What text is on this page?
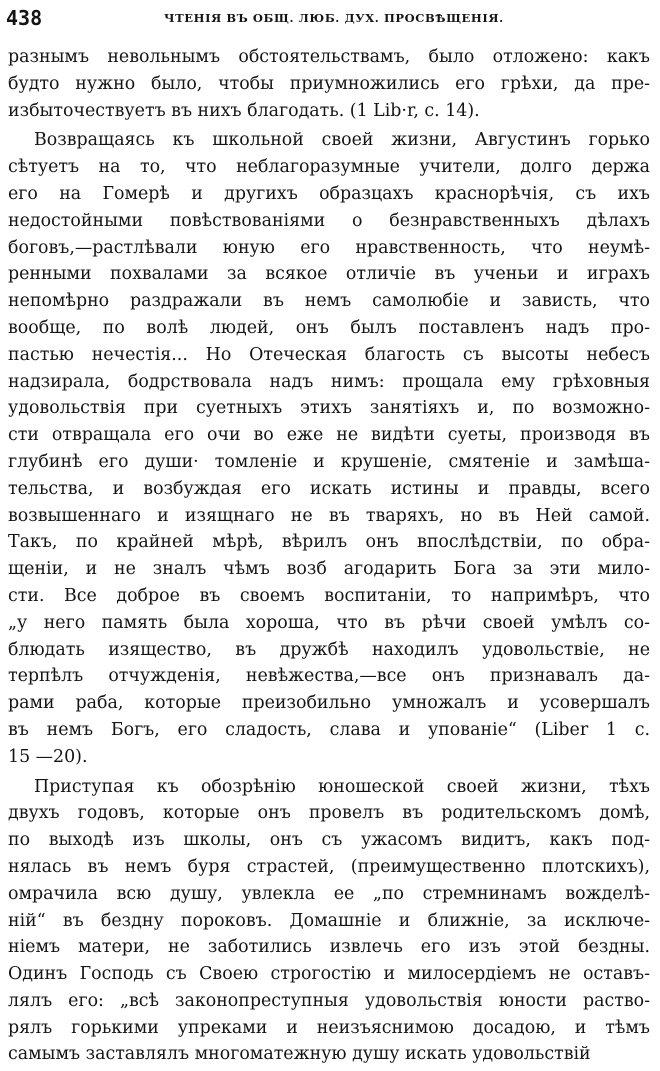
438	ЧТЕНІЯ ВЪ ОБЩ. ЛЮБ. ДУХ. ПРОСВѢЩЕНІЯ.
разнымъ невольнымъ обстоятельствамъ, было отложено: какъ
будто нужно было, чтобы приумножились его грѣхи, да пре-
избыточествуетъ въ нихъ благодать. (1 Lib·r, c. 14).
Возвращаясь къ школьной своей жизни, Августинъ горько
сѣтуетъ на то, что неблагоразумные учители, долго держа
его на Гомерѣ и другихъ образцахъ краснорѣчія, съ ихъ
недостойными повѣствованіями о безнравственныхъ дѣлахъ
боговъ,—растлѣвали юную его нравственность, что неумѣ-
ренными похвалами за всякое отличіе въ ученьи и играхъ
непомѣрно раздражали въ немъ самолюбіе и зависть, что
вообще, по волѣ людей, онъ былъ поставленъ надъ про-
пастью нечестія... Но Отеческая благость съ высоты небесъ
надзирала, бодрствовала надъ нимъ: прощала ему грѣховныя
удовольствія при суетныхъ этихъ занятіяхъ и, по возможно-
сти отвращала его очи во еже не видѣти суеты, производя въ
глубинѣ его души· томленіе и крушеніе, смятеніе и замѣша-
тельства, и возбуждая его искать истины и правды, всего
возвышеннаго и изящнаго не въ тваряхъ, но въ Ней самой.
Такъ, по крайней мѣрѣ, вѣрилъ онъ впослѣдствіи, по обра-
щеніи, и не зналъ чѣмъ возб агодарить Бога за эти мило-
сти. Все доброе въ своемъ воспитаніи, то напримѣръ, что
„у него память была хороша, что въ рѣчи своей умѣлъ со-
блюдать изящество, въ дружбѣ находилъ удовольствіе, не
терпѣлъ отчужденія, невѣжества,—все онъ признавалъ да-
рами раба, которые преизобильно умножалъ и усовершалъ
въ немъ Богъ, его сладость, слава и упованіе“ (Liber 1 c.
15 —20).
Приступая къ обозрѣнію юношеской своей жизни, тѣхъ
двухъ годовъ, которые онъ провелъ въ родительскомъ домѣ,
по выходѣ изъ школы, онъ съ ужасомъ видитъ, какъ под-
нялась въ немъ буря страстей, (преимущественно плотскихъ),
омрачила всю душу, увлекла ее „по стремнинамъ вожделѣ-
ній“ въ бездну пороковъ. Домашніе и ближніе, за исключе-
ніемъ матери, не заботились извлечь его изъ этой бездны.
Одинъ Господь съ Своею строгостію и милосердіемъ не оставъ-
лялъ его: „всѣ законопреступныя удовольствія юности раство-
рялъ горькими упреками и неизъяснимою досадою, и тѣмъ
самымъ заставлялъ многоматежную душу искать удовольствій
